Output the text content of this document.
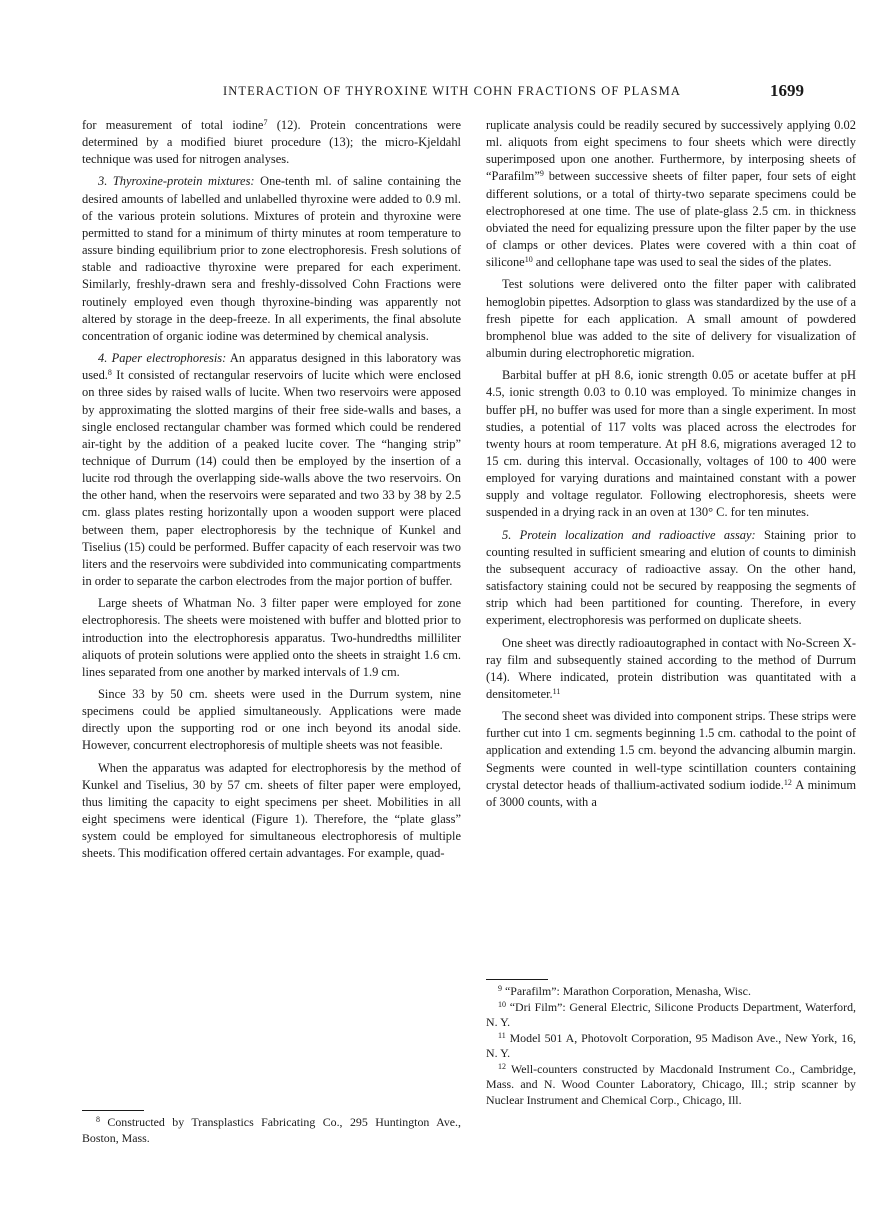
INTERACTION OF THYROXINE WITH COHN FRACTIONS OF PLASMA	1699

for measurement of total iodine$^7$ (12). Protein concentrations were determined by a modified biuret procedure (13); the micro-Kjeldahl technique was used for nitrogen analyses.

3. Thyroxine-protein mixtures: One-tenth ml. of saline containing the desired amounts of labelled and unlabelled thyroxine were added to 0.9 ml. of the various protein solutions. Mixtures of protein and thyroxine were permitted to stand for a minimum of thirty minutes at room temperature to assure binding equilibrium prior to zone electrophoresis. Fresh solutions of stable and radioactive thyroxine were prepared for each experiment. Similarly, freshly-drawn sera and freshly-dissolved Cohn Fractions were routinely employed even though thyroxine-binding was apparently not altered by storage in the deep-freeze. In all experiments, the final absolute concentration of organic iodine was determined by chemical analysis.

4. Paper electrophoresis: An apparatus designed in this laboratory was used.$^8$ It consisted of rectangular reservoirs of lucite which were enclosed on three sides by raised walls of lucite. When two reservoirs were apposed by approximating the slotted margins of their free side-walls and bases, a single enclosed rectangular chamber was formed which could be rendered air-tight by the addition of a peaked lucite cover. The “hanging strip” technique of Durrum (14) could then be employed by the insertion of a lucite rod through the overlapping side-walls above the two reservoirs. On the other hand, when the reservoirs were separated and two 33 by 38 by 2.5 cm. glass plates resting horizontally upon a wooden support were placed between them, paper electrophoresis by the technique of Kunkel and Tiselius (15) could be performed. Buffer capacity of each reservoir was two liters and the reservoirs were subdivided into communicating compartments in order to separate the carbon electrodes from the major portion of buffer.

Large sheets of Whatman No. 3 filter paper were employed for zone electrophoresis. The sheets were moistened with buffer and blotted prior to introduction into the electrophoresis apparatus. Two-hundredths milliliter aliquots of protein solutions were applied onto the sheets in straight 1.6 cm. lines separated from one another by marked intervals of 1.9 cm.

Since 33 by 50 cm. sheets were used in the Durrum system, nine specimens could be applied simultaneously. Applications were made directly upon the supporting rod or one inch beyond its anodal side. However, concurrent electrophoresis of multiple sheets was not feasible.

When the apparatus was adapted for electrophoresis by the method of Kunkel and Tiselius, 30 by 57 cm. sheets of filter paper were employed, thus limiting the capacity to eight specimens per sheet. Mobilities in all eight specimens were identical (Figure 1). Therefore, the “plate glass” system could be employed for simultaneous electrophoresis of multiple sheets. This modification offered certain advantages. For example, quad-

$^8$ Constructed by Transplastics Fabricating Co., 295 Huntington Ave., Boston, Mass.

ruplicate analysis could be readily secured by successively applying 0.02 ml. aliquots from eight specimens to four sheets which were directly superimposed upon one another. Furthermore, by interposing sheets of “Parafilm”$^9$ between successive sheets of filter paper, four sets of eight different solutions, or a total of thirty-two separate specimens could be electrophoresed at one time. The use of plate-glass 2.5 cm. in thickness obviated the need for equalizing pressure upon the filter paper by the use of clamps or other devices. Plates were covered with a thin coat of silicone$^{10}$ and cellophane tape was used to seal the sides of the plates.

Test solutions were delivered onto the filter paper with calibrated hemoglobin pipettes. Adsorption to glass was standardized by the use of a fresh pipette for each application. A small amount of powdered bromphenol blue was added to the site of delivery for visualization of albumin during electrophoretic migration.

Barbital buffer at pH 8.6, ionic strength 0.05 or acetate buffer at pH 4.5, ionic strength 0.03 to 0.10 was employed. To minimize changes in buffer pH, no buffer was used for more than a single experiment. In most studies, a potential of 117 volts was placed across the electrodes for twenty hours at room temperature. At pH 8.6, migrations averaged 12 to 15 cm. during this interval. Occasionally, voltages of 100 to 400 were employed for varying durations and maintained constant with a power supply and voltage regulator. Following electrophoresis, sheets were suspended in a drying rack in an oven at 130° C. for ten minutes.

5. Protein localization and radioactive assay: Staining prior to counting resulted in sufficient smearing and elution of counts to diminish the subsequent accuracy of radioactive assay. On the other hand, satisfactory staining could not be secured by reapposing the segments of strip which had been partitioned for counting. Therefore, in every experiment, electrophoresis was performed on duplicate sheets.

One sheet was directly radioautographed in contact with No-Screen X-ray film and subsequently stained according to the method of Durrum (14). Where indicated, protein distribution was quantitated with a densitometer.$^{11}$

The second sheet was divided into component strips. These strips were further cut into 1 cm. segments beginning 1.5 cm. cathodal to the point of application and extending 1.5 cm. beyond the advancing albumin margin. Segments were counted in well-type scintillation counters containing crystal detector heads of thallium-activated sodium iodide.$^{12}$ A minimum of 3000 counts, with a

$^9$ “Parafilm”: Marathon Corporation, Menasha, Wisc.

$^{10}$ “Dri Film”: General Electric, Silicone Products Department, Waterford, N. Y.

$^{11}$ Model 501 A, Photovolt Corporation, 95 Madison Ave., New York, 16, N. Y.

$^{12}$ Well-counters constructed by Macdonald Instrument Co., Cambridge, Mass. and N. Wood Counter Laboratory, Chicago, Ill.; strip scanner by Nuclear Instrument and Chemical Corp., Chicago, Ill.
